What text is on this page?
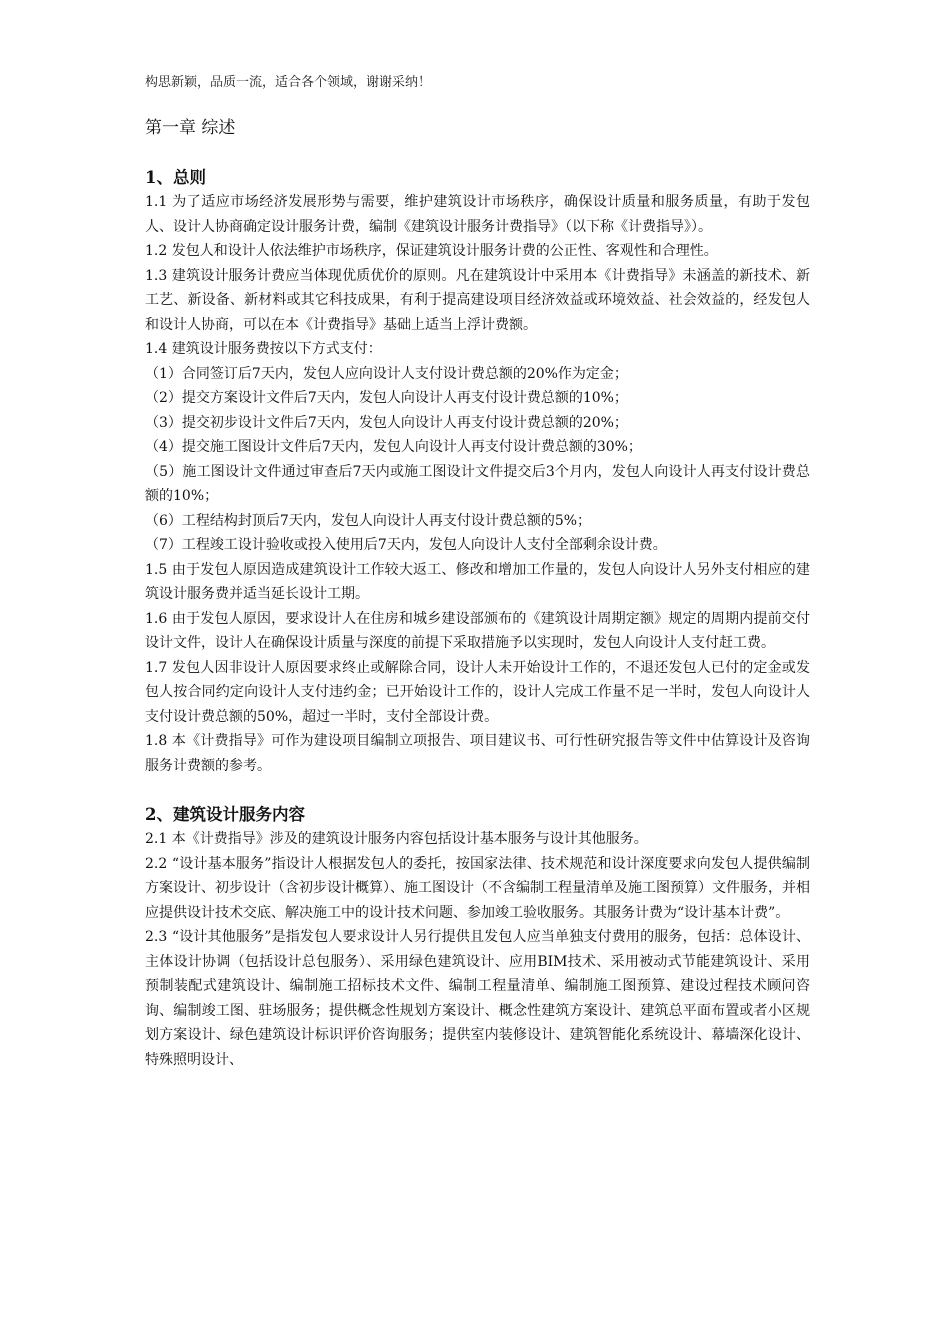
构思新颖，品质一流，适合各个领域，谢谢采纳！
第一章 综述
1、总则

1.1 为了适应市场经济发展形势与需要，维护建筑设计市场秩序，确保设计质量和服务质量，有助于发包人、设计人协商确定设计服务计费，编制《建筑设计服务计费指导》（以下称《计费指导》）。

1.2 发包人和设计人依法维护市场秩序，保证建筑设计服务计费的公正性、客观性和合理性。

1.3 建筑设计服务计费应当体现优质优价的原则。凡在建筑设计中采用本《计费指导》未涵盖的新技术、新工艺、新设备、新材料或其它科技成果，有利于提高建设项目经济效益或环境效益、社会效益的，经发包人和设计人协商，可以在本《计费指导》基础上适当上浮计费额。

1.4 建筑设计服务费按以下方式支付：

（1）合同签订后7天内，发包人应向设计人支付设计费总额的20%作为定金；

（2）提交方案设计文件后7天内，发包人向设计人再支付设计费总额的10%；

（3）提交初步设计文件后7天内，发包人向设计人再支付设计费总额的20%；

（4）提交施工图设计文件后7天内，发包人向设计人再支付设计费总额的30%；

（5）施工图设计文件通过审查后7天内或施工图设计文件提交后3个月内，发包人向设计人再支付设计费总额的10%；

（6）工程结构封顶后7天内，发包人向设计人再支付设计费总额的5%；

（7）工程竣工设计验收或投入使用后7天内，发包人向设计人支付全部剩余设计费。

1.5 由于发包人原因造成建筑设计工作较大返工、修改和增加工作量的，发包人向设计人另外支付相应的建筑设计服务费并适当延长设计工期。

1.6 由于发包人原因，要求设计人在住房和城乡建设部颁布的《建筑设计周期定额》规定的周期内提前交付设计文件，设计人在确保设计质量与深度的前提下采取措施予以实现时，发包人向设计人支付赶工费。

1.7 发包人因非设计人原因要求终止或解除合同，设计人未开始设计工作的，不退还发包人已付的定金或发包人按合同约定向设计人支付违约金；已开始设计工作的，设计人完成工作量不足一半时，发包人向设计人支付设计费总额的50%，超过一半时，支付全部设计费。

1.8 本《计费指导》可作为建设项目编制立项报告、项目建议书、可行性研究报告等文件中估算设计及咨询服务计费额的参考。

2、建筑设计服务内容

2.1 本《计费指导》涉及的建筑设计服务内容包括设计基本服务与设计其他服务。

2.2 “设计基本服务”指设计人根据发包人的委托，按国家法律、技术规范和设计深度要求向发包人提供编制方案设计、初步设计（含初步设计概算）、施工图设计（不含编制工程量清单及施工图预算）文件服务，并相应提供设计技术交底、解决施工中的设计技术问题、参加竣工验收服务。其服务计费为“设计基本计费”。

2.3 “设计其他服务”是指发包人要求设计人另行提供且发包人应当单独支付费用的服务，包括：总体设计、主体设计协调（包括设计总包服务）、采用绿色建筑设计、应用BIM技术、采用被动式节能建筑设计、采用预制装配式建筑设计、编制施工招标技术文件、编制工程量清单、编制施工图预算、建设过程技术顾问咨询、编制竣工图、驻场服务；提供概念性规划方案设计、概念性建筑方案设计、建筑总平面布置或者小区规划方案设计、绿色建筑设计标识评价咨询服务；提供室内装修设计、建筑智能化系统设计、幕墙深化设计、特殊照明设计、
